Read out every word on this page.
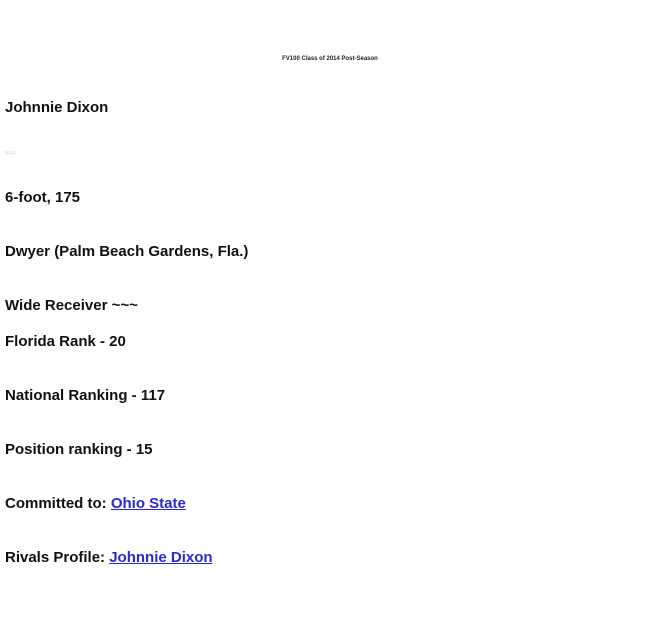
FV100 Class of 2014 Post-Season
Johnnie Dixon
□□□□
6-foot, 175
Dwyer (Palm Beach Gardens, Fla.)
Wide Receiver ~~~
Florida Rank - 20
National Ranking - 117
Position ranking - 15
Committed to: Ohio State
Rivals Profile: Johnnie Dixon
